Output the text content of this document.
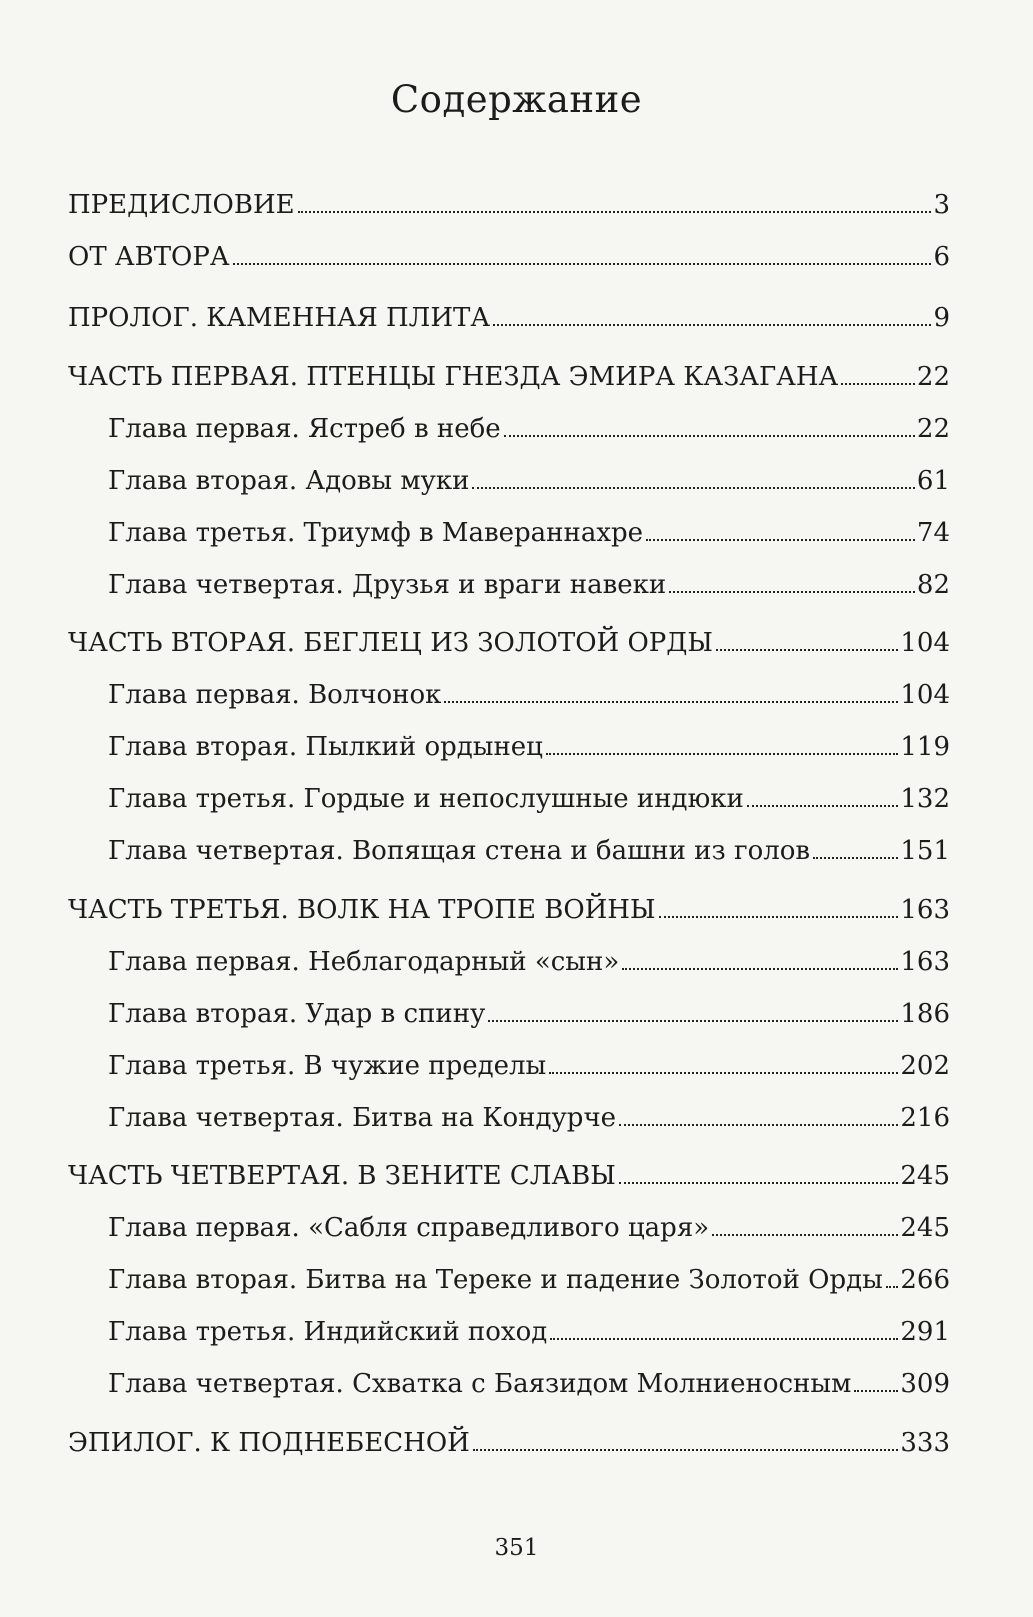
Содержание
ПРЕДИСЛОВИЕ	3
ОТ АВТОРА	6
ПРОЛОГ. КАМЕННАЯ ПЛИТА	9
ЧАСТЬ ПЕРВАЯ. ПТЕНЦЫ ГНЕЗДА ЭМИРА КАЗАГАНА	22
Глава первая. Ястреб в небе	22
Глава вторая. Адовы муки	61
Глава третья. Триумф в Мавераннахре	74
Глава четвертая. Друзья и враги навеки	82
ЧАСТЬ ВТОРАЯ. БЕГЛЕЦ ИЗ ЗОЛОТОЙ ОРДЫ	104
Глава первая. Волчонок	104
Глава вторая. Пылкий ордынец	119
Глава третья. Гордые и непослушные индюки	132
Глава четвертая. Вопящая стена и башни из голов	151
ЧАСТЬ ТРЕТЬЯ. ВОЛК НА ТРОПЕ ВОЙНЫ	163
Глава первая. Неблагодарный «сын»	163
Глава вторая. Удар в спину	186
Глава третья. В чужие пределы	202
Глава четвертая. Битва на Кондурче	216
ЧАСТЬ ЧЕТВЕРТАЯ. В ЗЕНИТЕ СЛАВЫ	245
Глава первая. «Сабля справедливого царя»	245
Глава вторая. Битва на Тереке и падение Золотой Орды 266
Глава третья. Индийский поход	291
Глава четвертая. Схватка с Баязидом Молниеносным 309
ЭПИЛОГ. К ПОДНЕБЕСНОЙ	333
351
